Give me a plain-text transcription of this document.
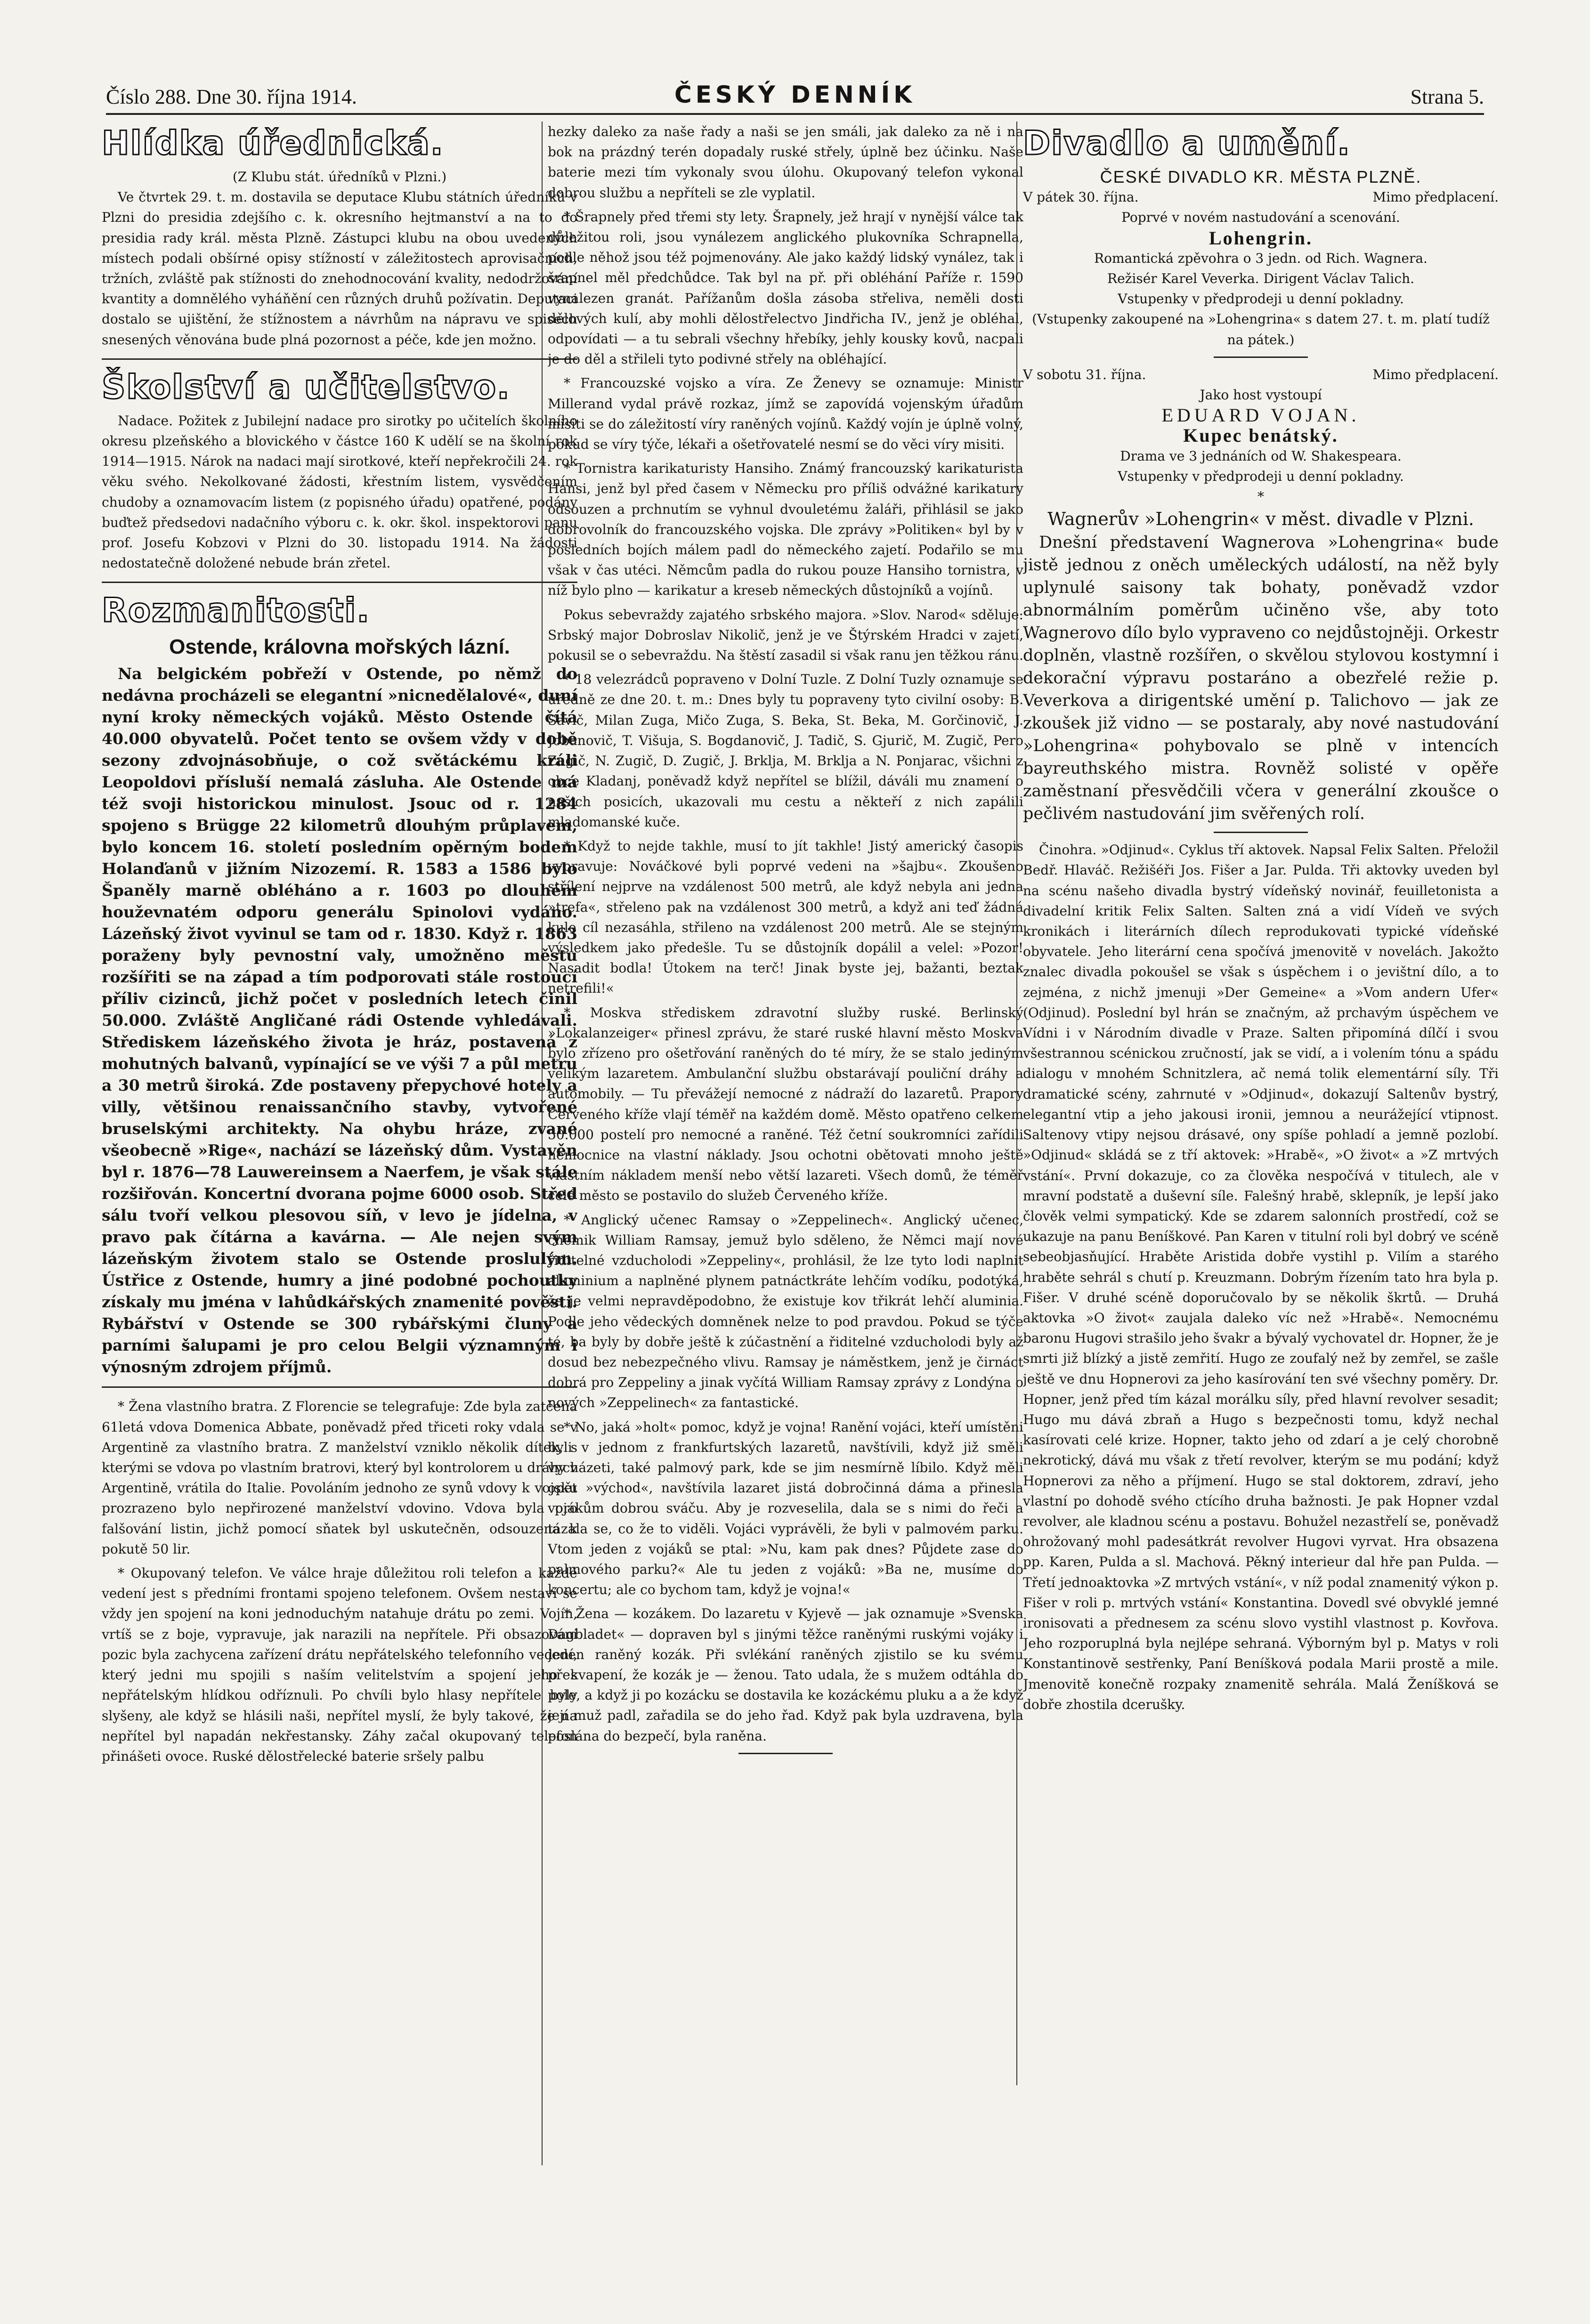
Číslo 288. Dne 30. října 1914.	ČESKÝ DENNÍK	Strana 5.
Hlídka úřednická.
(Z Klubu stát. úředníků v Plzni.)

Ve čtvrtek 29. t. m. dostavila se deputace Klubu státních úředníků v Plzni do presidia zdejšího c. k. okresního hejtmanství a na to do presidia rady král. města Plzně. Zástupci klubu na obou uvedených místech podali obšírné opisy stížností v záležitostech aprovisačních, tržních, zvláště pak stížnosti do znehodnocování kvality, nedodržování kvantity a domnělého vyháňění cen různých druhů požívatin. Deputaci dostalo se ujištění, že stížnostem a návrhům na nápravu ve spisech snesených věnována bude plná pozornost a péče, kde jen možno.

Školství a učitelstvo.

Nadace. Požitek z Jubilejní nadace pro sirotky po učitelích školního okresu plzeňského a blovického v částce 160 K udělí se na školní rok 1914—1915. Nárok na nadaci mají sirotkové, kteří nepřekročili 24. rok věku svého. Nekolkované žádosti, křestním listem, vysvědčením chudoby a oznamovacím listem (z popisného úřadu) opatřené, podány buďtež předsedovi nadačního výboru c. k. okr. škol. inspektorovi panu prof. Josefu Kobzovi v Plzni do 30. listopadu 1914. Na žádosti nedostatečně doložené nebude brán zřetel.

Rozmanitosti.
Ostende, královna mořských lázní.

Na belgickém pobřeží v Ostende, po němž do nedávna procházeli se elegantní »nicnedělalové«, duní nyní kroky německých vojáků. Město Ostende čítá 40.000 obyvatelů. Počet tento se ovšem vždy v době sezony zdvojnásobňuje, o což světáckému králi Leopoldovi přísluší nemalá zásluha. Ale Ostende má též svoji historickou minulost. Jsouc od r. 1284 spojeno s Brügge 22 kilometrů dlouhým průplavem, bylo koncem 16. století posledním opěrným bodem Holanďanů v jižním Nizozemí. R. 1583 a 1586 bylo Španěly marně obléháno a r. 1603 po dlouhém houževnatém odporu generálu Spinolovi vydáno. Lázeňský život vyvinul se tam od r. 1830. Když r. 1863 poraženy byly pevnostní valy, umožněno městu rozšířiti se na západ a tím podporovati stále rostoucí příliv cizinců, jichž počet v posledních letech činil 50.000. Zvláště Angličané rádi Ostende vyhledávali. Střediskem lázeňského života je hráz, postavená z mohutných balvanů, vypínající se ve výši 7 a půl metru a 30 metrů široká. Zde postaveny přepychové hotely a villy, většinou renaissančního stavby, vytvořené bruselskými architekty. Na ohybu hráze, zvané všeobecně »Rige«, nachází se lázeňský dům. Vystavěn byl r. 1876—78 Lauwereinsem a Naerfem, je však stále rozšiřován. Koncertní dvorana pojme 6000 osob. Střed sálu tvoří velkou plesovou síň, v levo je jídelna, v pravo pak čítárna a kavárna. — Ale nejen svým lázeňským životem stalo se Ostende proslulým. Ústřice z Ostende, humry a jiné podobné pochoutky získaly mu jména v lahůdkářských znamenité pověsti. Rybářství v Ostende se 300 rybářskými čluny a parními šalupami je pro celou Belgii významným i výnosným zdrojem příjmů.

* Žena vlastního bratra. Z Florencie se telegrafuje: Zde byla zatčena 61letá vdova Domenica Abbate, poněvadž před třiceti roky vdala se v Argentině za vlastního bratra. Z manželství vzniklo několik dítek, s kterými se vdova po vlastním bratrovi, který byl kontrolorem u dráhy v Argentině, vrátila do Italie. Povoláním jednoho ze synů vdovy k vojsku prozrazeno bylo nepřirozené manželství vdovino. Vdova byla pro falšování listin, jichž pomocí sňatek byl uskutečněn, odsouzena k pokutě 50 lir.

* Okupovaný telefon. Ve válce hraje důležitou roli telefon a každé vedení jest s předními frontami spojeno telefonem. Ovšem nestaví se vždy jen spojení na koni jednoduchým natahuje drátu po zemi. Vojín, vrtíš se z boje, vypravuje, jak narazili na nepřítele. Při obsazování pozic byla zachycena zařízení drátu nepřátelského telefonního vedení, který jedni mu spojili s naším velitelstvím a spojení jeho s nepřátelským hlídkou odříznuli. Po chvíli bylo hlasy nepřítele byly slyšeny, ale když se hlásili naši, nepřítel myslí, že byly takové, že na nepřítel byl napadán nekřestansky. Záhy začal okupovaný telefon přinášeti ovoce. Ruské dělostřelecké baterie sršely palbu

hezky daleko za naše řady a naši se jen smáli, jak daleko za ně i na bok na prázdný terén dopadaly ruské střely, úplně bez účinku. Naše baterie mezi tím vykonaly svou úlohu. Okupovaný telefon vykonal dobrou službu a nepříteli se zle vyplatil.

* Šrapnely před třemi sty lety. Šrapnely, jež hrají v nynější válce tak důležitou roli, jsou vynálezem anglického plukovníka Schrapnella, podle něhož jsou též pojmenovány. Ale jako každý lidský vynález, tak i šrapnel měl předchůdce. Tak byl na př. při obléhání Paříže r. 1590 vynalezen granát. Pařížanům došla zásoba střeliva, neměli dosti dělových kulí, aby mohli dělostřelectvo Jindřicha IV., jenž je obléhal, odpovídati — a tu sebrali všechny hřebíky, jehly kousky kovů, nacpali je do děl a střileli tyto podivné střely na obléhající.

* Francouzské vojsko a víra. Ze Ženevy se oznamuje: Ministr Millerand vydal právě rozkaz, jímž se zapovídá vojenským úřadům misiti se do záležitostí víry raněných vojínů. Každý vojín je úplně volný, pokud se víry týče, lékaři a ošetřovatelé nesmí se do věci víry misiti.

* Tornistra karikaturisty Hansiho. Známý francouzský karikaturista Hansi, jenž byl před časem v Německu pro příliš odvážné karikatury odsouzen a prchnutím se vyhnul dvouletému žaláři, přihlásil se jako dobrovolník do francouzského vojska. Dle zprávy »Politiken« byl by v posledních bojích málem padl do německého zajetí. Podařilo se mu však v čas utéci. Němcům padla do rukou pouze Hansiho tornistra, v níž bylo plno — karikatur a kreseb německých důstojníků a vojínů.

Pokus sebevraždy zajatého srbského majora. »Slov. Narod« sděluje: Srbský major Dobroslav Nikolič, jenž je ve Štýrském Hradci v zajetí, pokusil se o sebevraždu. Na štěstí zasadil si však ranu jen těžkou ránu.

* 18 velezrádců popraveno v Dolní Tuzle. Z Dolní Tuzly oznamuje se úředně ze dne 20. t. m.: Dnes byly tu popraveny tyto civilní osoby: B. Savič, Milan Zuga, Mičo Zuga, S. Beka, St. Beka, M. Gorčinovič, J. Jobanovič, T. Višuja, S. Bogdanovič, J. Tadič, S. Gjurič, M. Zugič, Pero Zugič, N. Zugič, D. Zugič, J. Brklja, M. Brklja a N. Ponjarac, všichni z obce Kladanj, poněvadž když nepřítel se blížil, dáváli mu znamení o našich posicích, ukazovali mu cestu a někteří z nich zapálili mladomanské kuče.

* Když to nejde takhle, musí to jít takhle! Jistý americký časopis vypravuje: Nováčkové byli poprvé vedeni na »šajbu«. Zkoušeno střílení nejprve na vzdálenost 500 metrů, ale když nebyla ani jedna »trefa«, střeleno pak na vzdálenost 300 metrů, a když ani teď žádná kule cíl nezasáhla, střileno na vzdálenost 200 metrů. Ale se stejným výsledkem jako předešle. Tu se důstojník dopálil a velel: »Pozor! Nasadit bodla! Útokem na terč! Jinak byste jej, bažanti, beztak netrefili!«

* Moskva střediskem zdravotní služby ruské. Berlinský »Lokalanzeiger« přinesl zprávu, že staré ruské hlavní město Moskva bylo zřízeno pro ošetřování raněných do té míry, že se stalo jediným velikým lazaretem. Ambulanční službu obstarávají pouliční dráhy a automobily. — Tu převážejí nemocné z nádraží do lazaretů. Prapory Červeného kříže vlají téměř na každém domě. Město opatřeno celkem 50.000 postelí pro nemocné a raněné. Též četní soukromníci zařídili nemocnice na vlastní náklady. Jsou ochotni obětovati mnoho ještě vlastním nákladem menší nebo větší lazareti. Všech domů, že téměř celé město se postavilo do služeb Červeného kříže.

* Anglický učenec Ramsay o »Zeppelinech«. Anglický učenec, chemik William Ramsay, jemuž bylo sděleno, že Němci mají nové řiditelné vzducholodi »Zeppeliny«, prohlásil, že lze tyto lodi naplnit aluminium a naplněné plynem patnáctkráte lehčím vodíku, podotýká, že je velmi nepravděpodobno, že existuje kov třikrát lehčí aluminia. Podle jeho vědeckých domněnek nelze to pod pravdou. Pokud se týče té, ba byly by dobře ještě k zúčastnění a řiditelné vzducholodi byly až dosud bez nebezpečného vlivu. Ramsay je náměstkem, jenž je čirnáct dobrá pro Zeppeliny a jinak vyčítá William Ramsay zprávy z Londýna o nových »Zeppelinech« za fantastické.

* No, jaká »holt« pomoc, když je vojna! Ranění vojáci, kteří umístěni byli v jednom z frankfurtských lazaretů, navštívili, když již směli vycházeti, také palmový park, kde se jim nesmírně líbilo. Když měli opět »východ«, navštívila lazaret jistá dobročinná dáma a přinesla vojákům dobrou sváču. Aby je rozveselila, dala se s nimi do řeči a tázala se, co že to viděli. Vojáci vyprávěli, že byli v palmovém parku. Vtom jeden z vojáků se ptal: »Nu, kam pak dnes? Půjdete zase do palmového parku?« Ale tu jeden z vojáků: »Ba ne, musíme do koncertu; ale co bychom tam, když je vojna!«

* Žena — kozákem. Do lazaretu v Kyjevě — jak oznamuje »Svenska Dagbladet« — dopraven byl s jinými těžce raněnými ruskými vojáky i jeden raněný kozák. Při svlékání raněných zjistilo se ku svému překvapení, že kozák je — ženou. Tato udala, že s mužem odtáhla do pole, a když ji po kozácku se dostavila ke kozáckému pluku a a že když její muž padl, zařadila se do jeho řad. Když pak byla uzdravena, byla poslána do bezpečí, byla raněna.

Divadlo a umění.
ČESKÉ DIVADLO KR. MĚSTA PLZNĚ.
V pátek 30. října.	Mimo předplacení.
Poprvé v novém nastudování a scenování.
Lohengrin.
Romantická zpěvohra o 3 jedn. od Rich. Wagnera.
Režisér Karel Veverka. Dirigent Václav Talich.
Vstupenky v předprodeji u denní pokladny.
(Vstupenky zakoupené na »Lohengrina« s datem 27. t. m. platí tudíž na pátek.)
V sobotu 31. října.	Mimo předplacení.
Jako host vystoupí
EDUARD VOJAN.
Kupec benátský.
Drama ve 3 jednáních od W. Shakespeara.
Vstupenky v předprodeji u denní pokladny.
*
Wagnerův »Lohengrin« v měst. divadle v Plzni.

Dnešní představení Wagnerova »Lohengrina« bude jistě jednou z oněch uměleckých událostí, na něž byly uplynulé saisony tak bohaty, poněvadž vzdor abnormálním poměrům učiněno vše, aby toto Wagnerovo dílo bylo vypraveno co nejdůstojněji. Orkestr doplněn, vlastně rozšířen, o skvělou stylovou kostymní i dekorační výpravu postaráno a obezřelé režie p. Veverkova a dirigentské umění p. Talichovo — jak ze zkoušek již vidno — se postaraly, aby nové nastudování »Lohengrina« pohybovalo se plně v intencích bayreuthského mistra. Rovněž solisté v opěře zaměstnaní přesvědčili včera v generální zkoušce o pečlivém nastudování jim svěřených rolí.

Činohra. »Odjinud«. Cyklus tří aktovek. Napsal Felix Salten. Přeložil Bedř. Hlaváč. Režišéři Jos. Fišer a Jar. Pulda. Tři aktovky uveden byl na scénu našeho divadla bystrý vídeňský novinář, feuilletonista a divadelní kritik Felix Salten. Salten zná a vidí Vídeň ve svých kronikách i literárních dílech reprodukovati typické vídeňské obyvatele. Jeho literární cena spočívá jmenovitě v novelách. Jakožto znalec divadla pokoušel se však s úspěchem i o jevištní dílo, a to zejména, z nichž jmenuji »Der Gemeine« a »Vom andern Ufer« (Odjinud). Poslední byl hrán se značným, až prchavým úspěchem ve Vídni i v Národním divadle v Praze. Salten připomíná dílčí i svou všestrannou scénickou zručností, jak se vidí, a i volením tónu a spádu dialogu v mnohém Schnitzlera, ač nemá tolik elementární síly. Tři dramatické scény, zahrnuté v »Odjinud«, dokazují Saltenův bystrý, elegantní vtip a jeho jakousi ironii, jemnou a neurážející vtipnost. Saltenovy vtipy nejsou drásavé, ony spíše pohladí a jemně pozlobí. »Odjinud« skládá se z tří aktovek: »Hrabě«, »O život« a »Z mrtvých vstání«. První dokazuje, co za člověka nespočívá v titulech, ale v mravní podstatě a duševní síle. Falešný hrabě, sklepník, je lepší jako člověk velmi sympatický. Kde se zdarem salonních prostředí, což se ukazuje na panu Beníškové. Pan Karen v titulní roli byl dobrý ve scéně sebeobjasňující. Hraběte Aristida dobře vystihl p. Vilím a starého hraběte sehrál s chutí p. Kreuzmann. Dobrým řízením tato hra byla p. Fišer. V druhé scéně doporučovalo by se několik škrtů. — Druhá aktovka »O život« zaujala daleko víc než »Hrabě«. Nemocnému baronu Hugovi strašilo jeho švakr a bývalý vychovatel dr. Hopner, že je smrti již blízký a jistě zemřití. Hugo ze zoufalý než by zemřel, se zašle ještě ve dnu Hopnerovi za jeho kasírování ten své všechny poměry. Dr. Hopner, jenž před tím kázal morálku síly, před hlavní revolver sesadit; Hugo mu dává zbraň a Hugo s bezpečnosti tomu, když nechal kasírovati celé krize. Hopner, takto jeho od zdarí a je celý chorobně nekrotický, dává mu však z třetí revolver, kterým se mu podání; když Hopnerovi za něho a příjmení. Hugo se stal doktorem, zdraví, jeho vlastní po dohodě svého ctícího druha bažnosti. Je pak Hopner vzdal revolver, ale kladnou scénu a postavu. Bohužel nezastřelí se, poněvadž ohrožovaný mohl padesátkrát revolver Hugovi vyrvat. Hra obsazena pp. Karen, Pulda a sl. Machová. Pěkný interieur dal hře pan Pulda. — Třetí jednoaktovka »Z mrtvých vstání«, v níž podal znamenitý výkon p. Fišer v roli p. mrtvých vstání« Konstantina. Dovedl své obvyklé jemné ironisovati a přednesem za scénu slovo vystihl vlastnost p. Kovřova. Jeho rozporuplná byla nejlépe sehraná. Výborným byl p. Matys v roli Konstantinově sestřenky, Paní Beníšková podala Marii prostě a mile. Jmenovitě konečně rozpaky znamenitě sehrála. Malá Ženíšková se dobře zhostila dcerušky.
